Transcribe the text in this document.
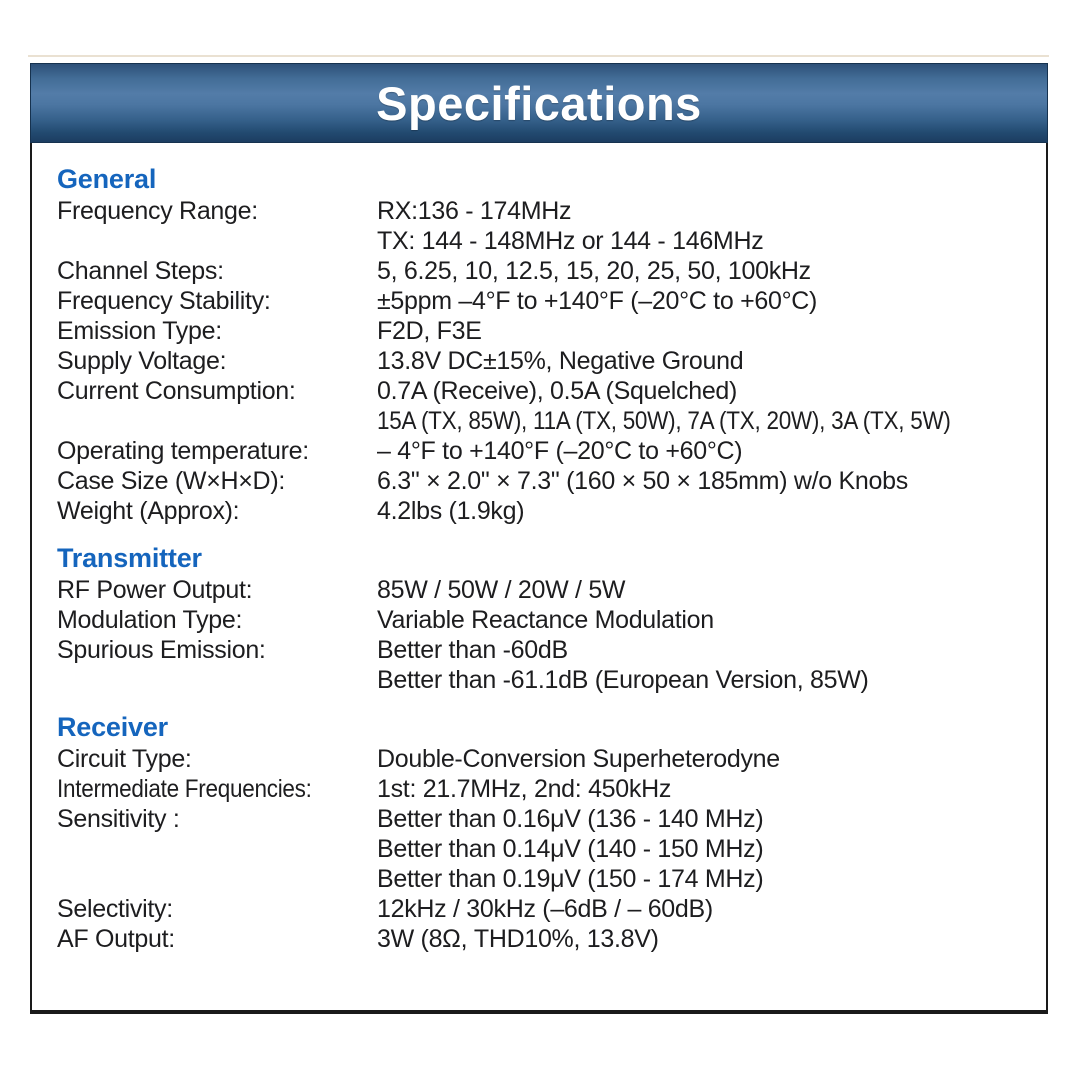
Specifications
General
Frequency Range:	RX:136 - 174MHz
TX: 144 - 148MHz or 144 - 146MHz
Channel Steps:	5, 6.25, 10, 12.5, 15, 20, 25, 50, 100kHz
Frequency Stability:	±5ppm –4°F to +140°F (–20°C to +60°C)
Emission Type:	F2D, F3E
Supply Voltage:	13.8V DC±15%, Negative Ground
Current Consumption:	0.7A (Receive), 0.5A (Squelched)
15A (TX, 85W), 11A (TX, 50W), 7A (TX, 20W), 3A (TX, 5W)
Operating temperature:	– 4°F to +140°F (–20°C to +60°C)
Case Size (W×H×D):	6.3" × 2.0" × 7.3" (160 × 50 × 185mm) w/o Knobs
Weight (Approx):	4.2lbs (1.9kg)
Transmitter
RF Power Output:	85W / 50W / 20W / 5W
Modulation Type:	Variable Reactance Modulation
Spurious Emission:	Better than -60dB
Better than -61.1dB (European Version, 85W)
Receiver
Circuit Type:	Double-Conversion Superheterodyne
Intermediate Frequencies:	1st: 21.7MHz, 2nd: 450kHz
Sensitivity :	Better than 0.16μV (136 - 140 MHz)
Better than 0.14μV (140 - 150 MHz)
Better than 0.19μV (150 - 174 MHz)
Selectivity:	12kHz / 30kHz (–6dB / – 60dB)
AF Output:	3W (8Ω, THD10%, 13.8V)
